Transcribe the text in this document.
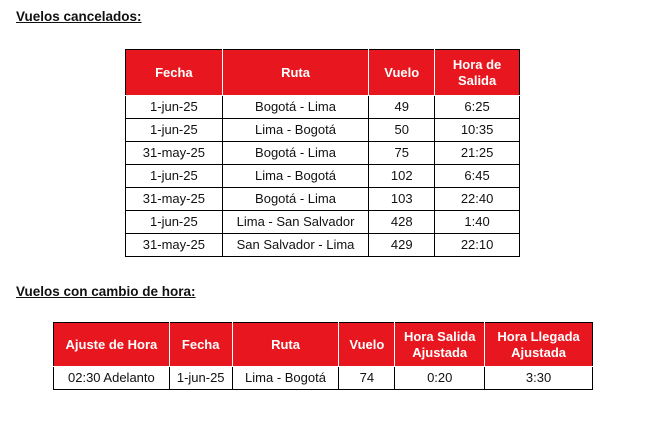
Vuelos cancelados:

Fecha	Ruta	Vuelo	Hora de Salida
1-jun-25	Bogotá - Lima	49	6:25
1-jun-25	Lima - Bogotá	50	10:35
31-may-25	Bogotá - Lima	75	21:25
1-jun-25	Lima - Bogotá	102	6:45
31-may-25	Bogotá - Lima	103	22:40
1-jun-25	Lima - San Salvador	428	1:40
31-may-25	San Salvador - Lima	429	22:10

Vuelos con cambio de hora:

Ajuste de Hora	Fecha	Ruta	Vuelo	Hora Salida Ajustada	Hora Llegada Ajustada
02:30 Adelanto	1-jun-25	Lima - Bogotá	74	0:20	3:30
